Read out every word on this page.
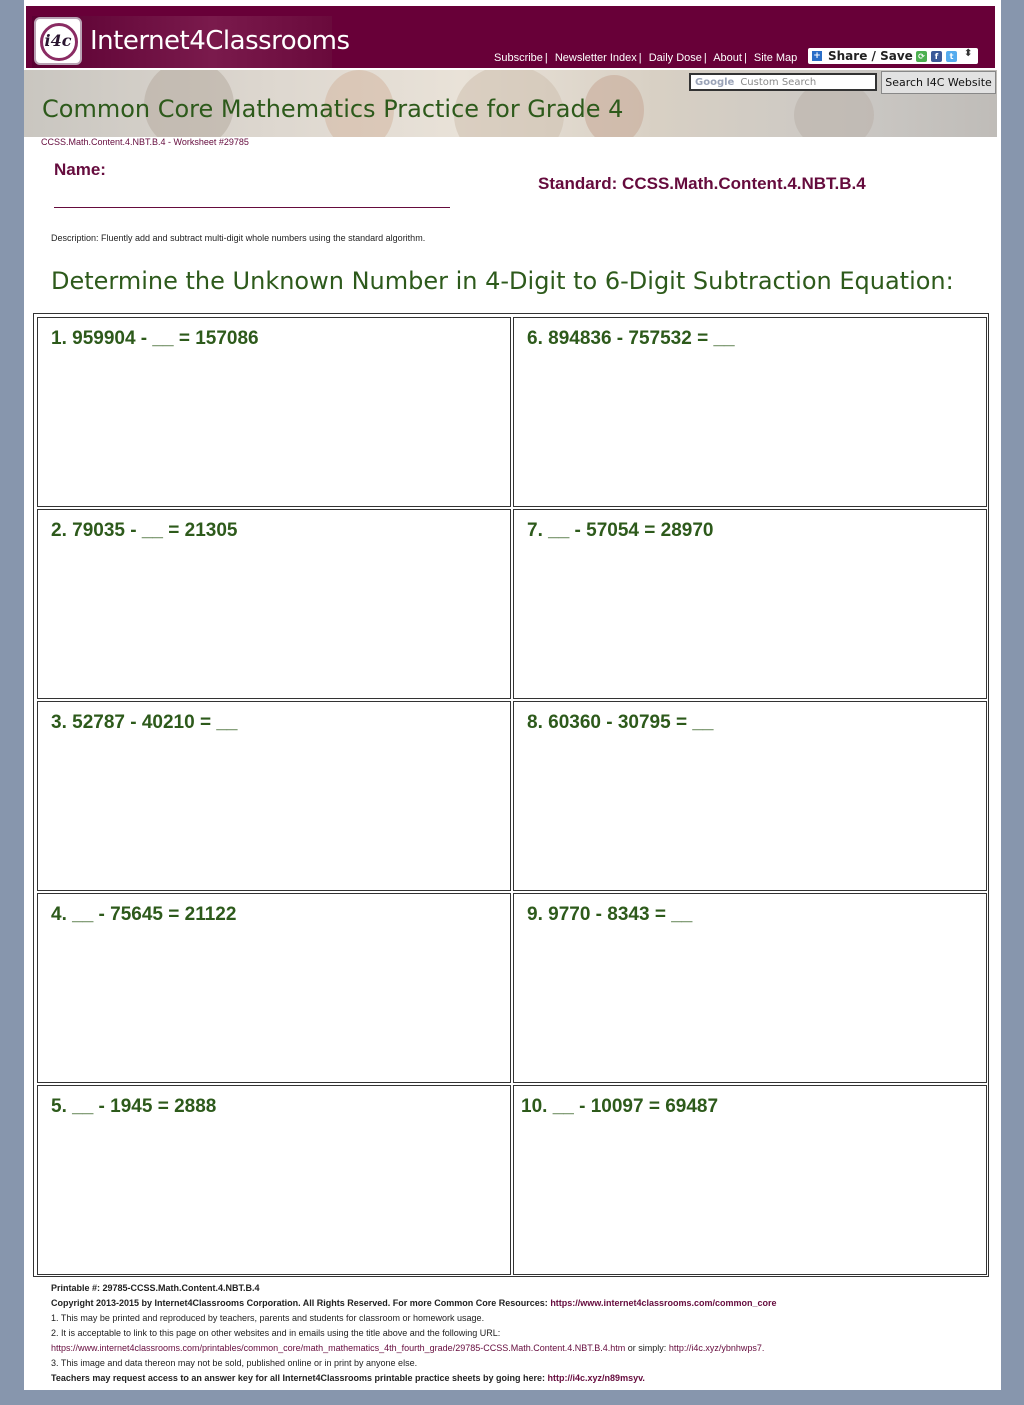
i4c Internet4Classrooms
Subscribe | Newsletter Index | Daily Dose | About | Site Map + Share / Save ⟳	f	t	⬍
Common Core Mathematics Practice for Grade 4
Google Custom Search	Search I4C Website
CCSS.Math.Content.4.NBT.B.4 - Worksheet #29785
Name:
Standard: CCSS.Math.Content.4.NBT.B.4
Description: Fluently add and subtract multi-digit whole numbers using the standard algorithm.
Determine the Unknown Number in 4-Digit to 6-Digit Subtraction Equation:
1. 959904 - __ = 157086
2. 79035 - __ = 21305
3. 52787 - 40210 = __
4. __ - 75645 = 21122
5. __ - 1945 = 2888
6. 894836 - 757532 = __
7. __ - 57054 = 28970
8. 60360 - 30795 = __
9. 9770 - 8343 = __
10. __ - 10097 = 69487
Printable #: 29785-CCSS.Math.Content.4.NBT.B.4
Copyright 2013-2015 by Internet4Classrooms Corporation. All Rights Reserved. For more Common Core Resources: https://www.internet4classrooms.com/common_core
1. This may be printed and reproduced by teachers, parents and students for classroom or homework usage.
2. It is acceptable to link to this page on other websites and in emails using the title above and the following URL:
https://www.internet4classrooms.com/printables/common_core/math_mathematics_4th_fourth_grade/29785-CCSS.Math.Content.4.NBT.B.4.htm or simply: http://i4c.xyz/ybnhwps7.
3. This image and data thereon may not be sold, published online or in print by anyone else.
Teachers may request access to an answer key for all Internet4Classrooms printable practice sheets by going here: http://i4c.xyz/n89msyv.
